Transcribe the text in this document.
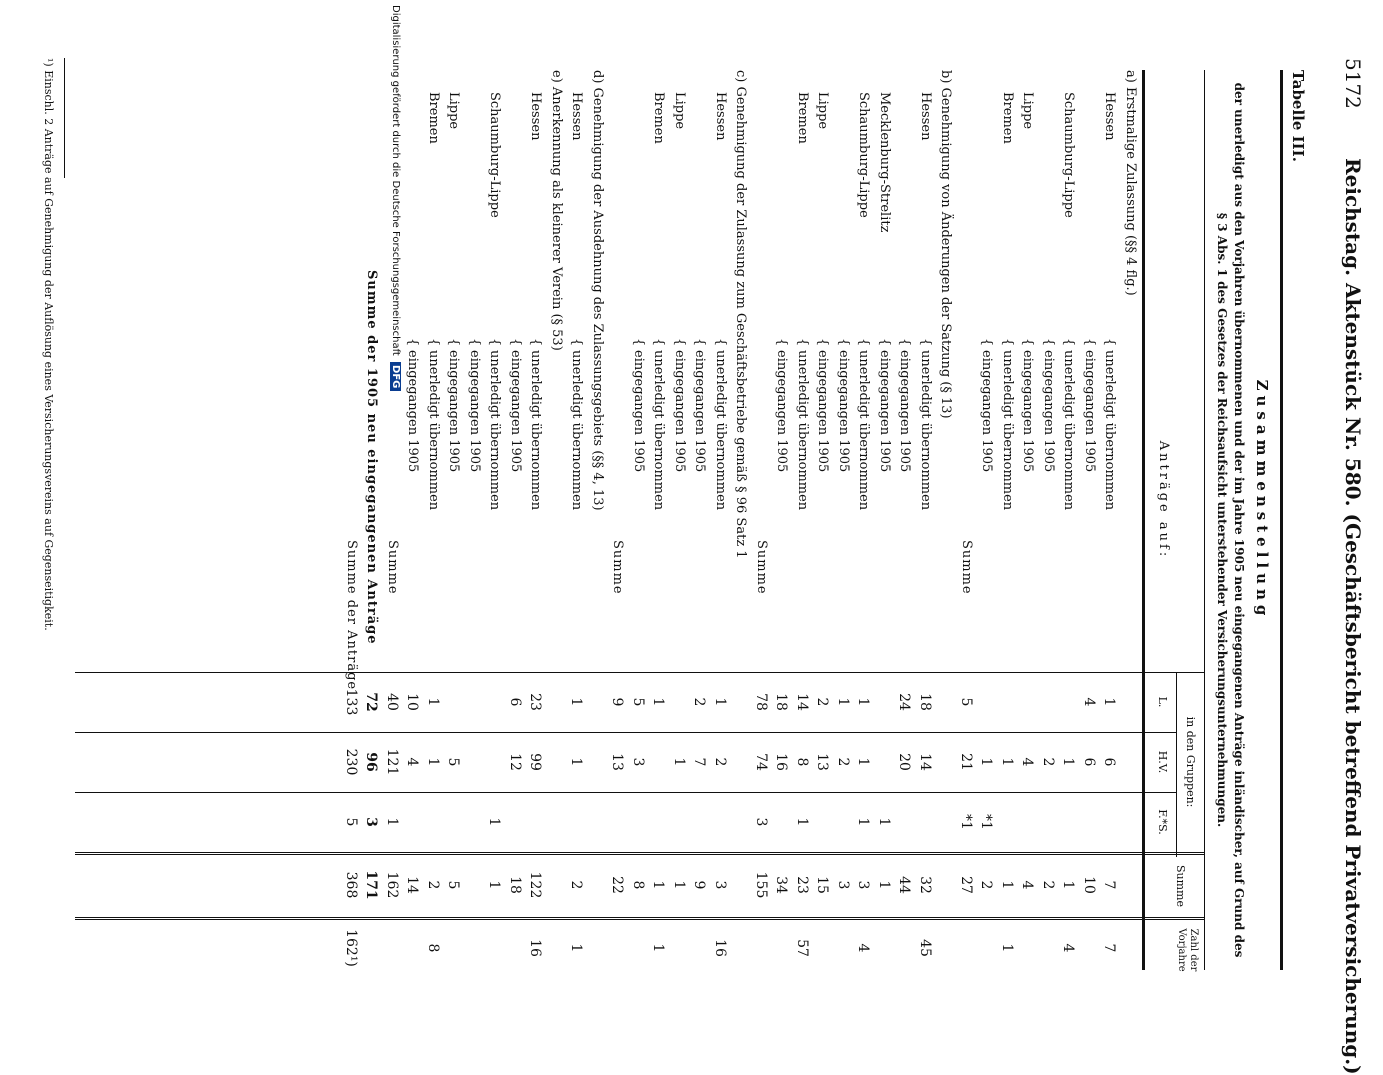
5172
Reichstag. Aktenstück Nr. 580. (Geschäftsbericht betreffend Privatversicherung.)
Tabelle III.
Zusammenstellung
der unerledigt aus den Vorjahren übernommenen und der im Jahre 1905 neu eingegangenen Anträge inländischer, auf Grund des § 3 Abs. 1 des Gesetzes der Reichsaufsicht unterstehender Versicherungsunternehmungen.
Anträge auf:
in den Gruppen:
L.
H.V.
F.*S.
Summe
Zahl der Vorjahre
a) Erstmalige Zulassung (§§ 4 flg.)
Hessen
{
unerledigt übernommen
1
6
7
7
{
eingegangen 1905
4
6
10
Schaumburg-Lippe
{
unerledigt übernommen
1
1
4
{
eingegangen 1905
2
2
Lippe
{
eingegangen 1905
4
4
Bremen
{
unerledigt übernommen
1
1
1
{
eingegangen 1905
1
*1
2
Summe
5
21
*1
27
b) Genehmigung von Änderungen der Satzung (§ 13)
Hessen
{
unerledigt übernommen
18
14
32
45
{
eingegangen 1905
24
20
44
Mecklenburg-Strelitz
{
eingegangen 1905
1
1
Schaumburg-Lippe
{
unerledigt übernommen
1
1
1
3
4
{
eingegangen 1905
1
2
3
Lippe
{
eingegangen 1905
2
13
15
Bremen
{
unerledigt übernommen
14
8
1
23
57
{
eingegangen 1905
18
16
34
Summe
78
74
3
155
c) Genehmigung der Zulassung zum Geschäftsbetriebe gemäß § 96 Satz 1
Hessen
{
unerledigt übernommen
1
2
3
16
{
eingegangen 1905
2
7
9
Lippe
{
eingegangen 1905
1
1
Bremen
{
unerledigt übernommen
1
1
1
{
eingegangen 1905
5
3
8
Summe
9
13
22
d) Genehmigung der Ausdehnung des Zulassungsgebiets (§§ 4, 13)
Hessen
{
unerledigt übernommen
1
1
2
1
e) Anerkennung als kleinerer Verein (§ 53)
Hessen
{
unerledigt übernommen
23
99
122
16
{
eingegangen 1905
6
12
18
Schaumburg-Lippe
{
unerledigt übernommen
1
1
{
eingegangen 1905
Lippe
{
eingegangen 1905
5
5
Bremen
{
unerledigt übernommen
1
1
2
8
{
eingegangen 1905
10
4
14
Summe
40
121
1
162
Summe der 1905 neu eingegangenen Anträge
72
96
3
171
Summe der Anträge
133
230
5
368
162¹)
¹) Einschl. 2 Anträge auf Genehmigung der Auflösung eines Versicherungsvereins auf Gegenseitigkeit.	Digitalisierung gefördert durch die Deutsche Forschungsgemeinschaft DFG
